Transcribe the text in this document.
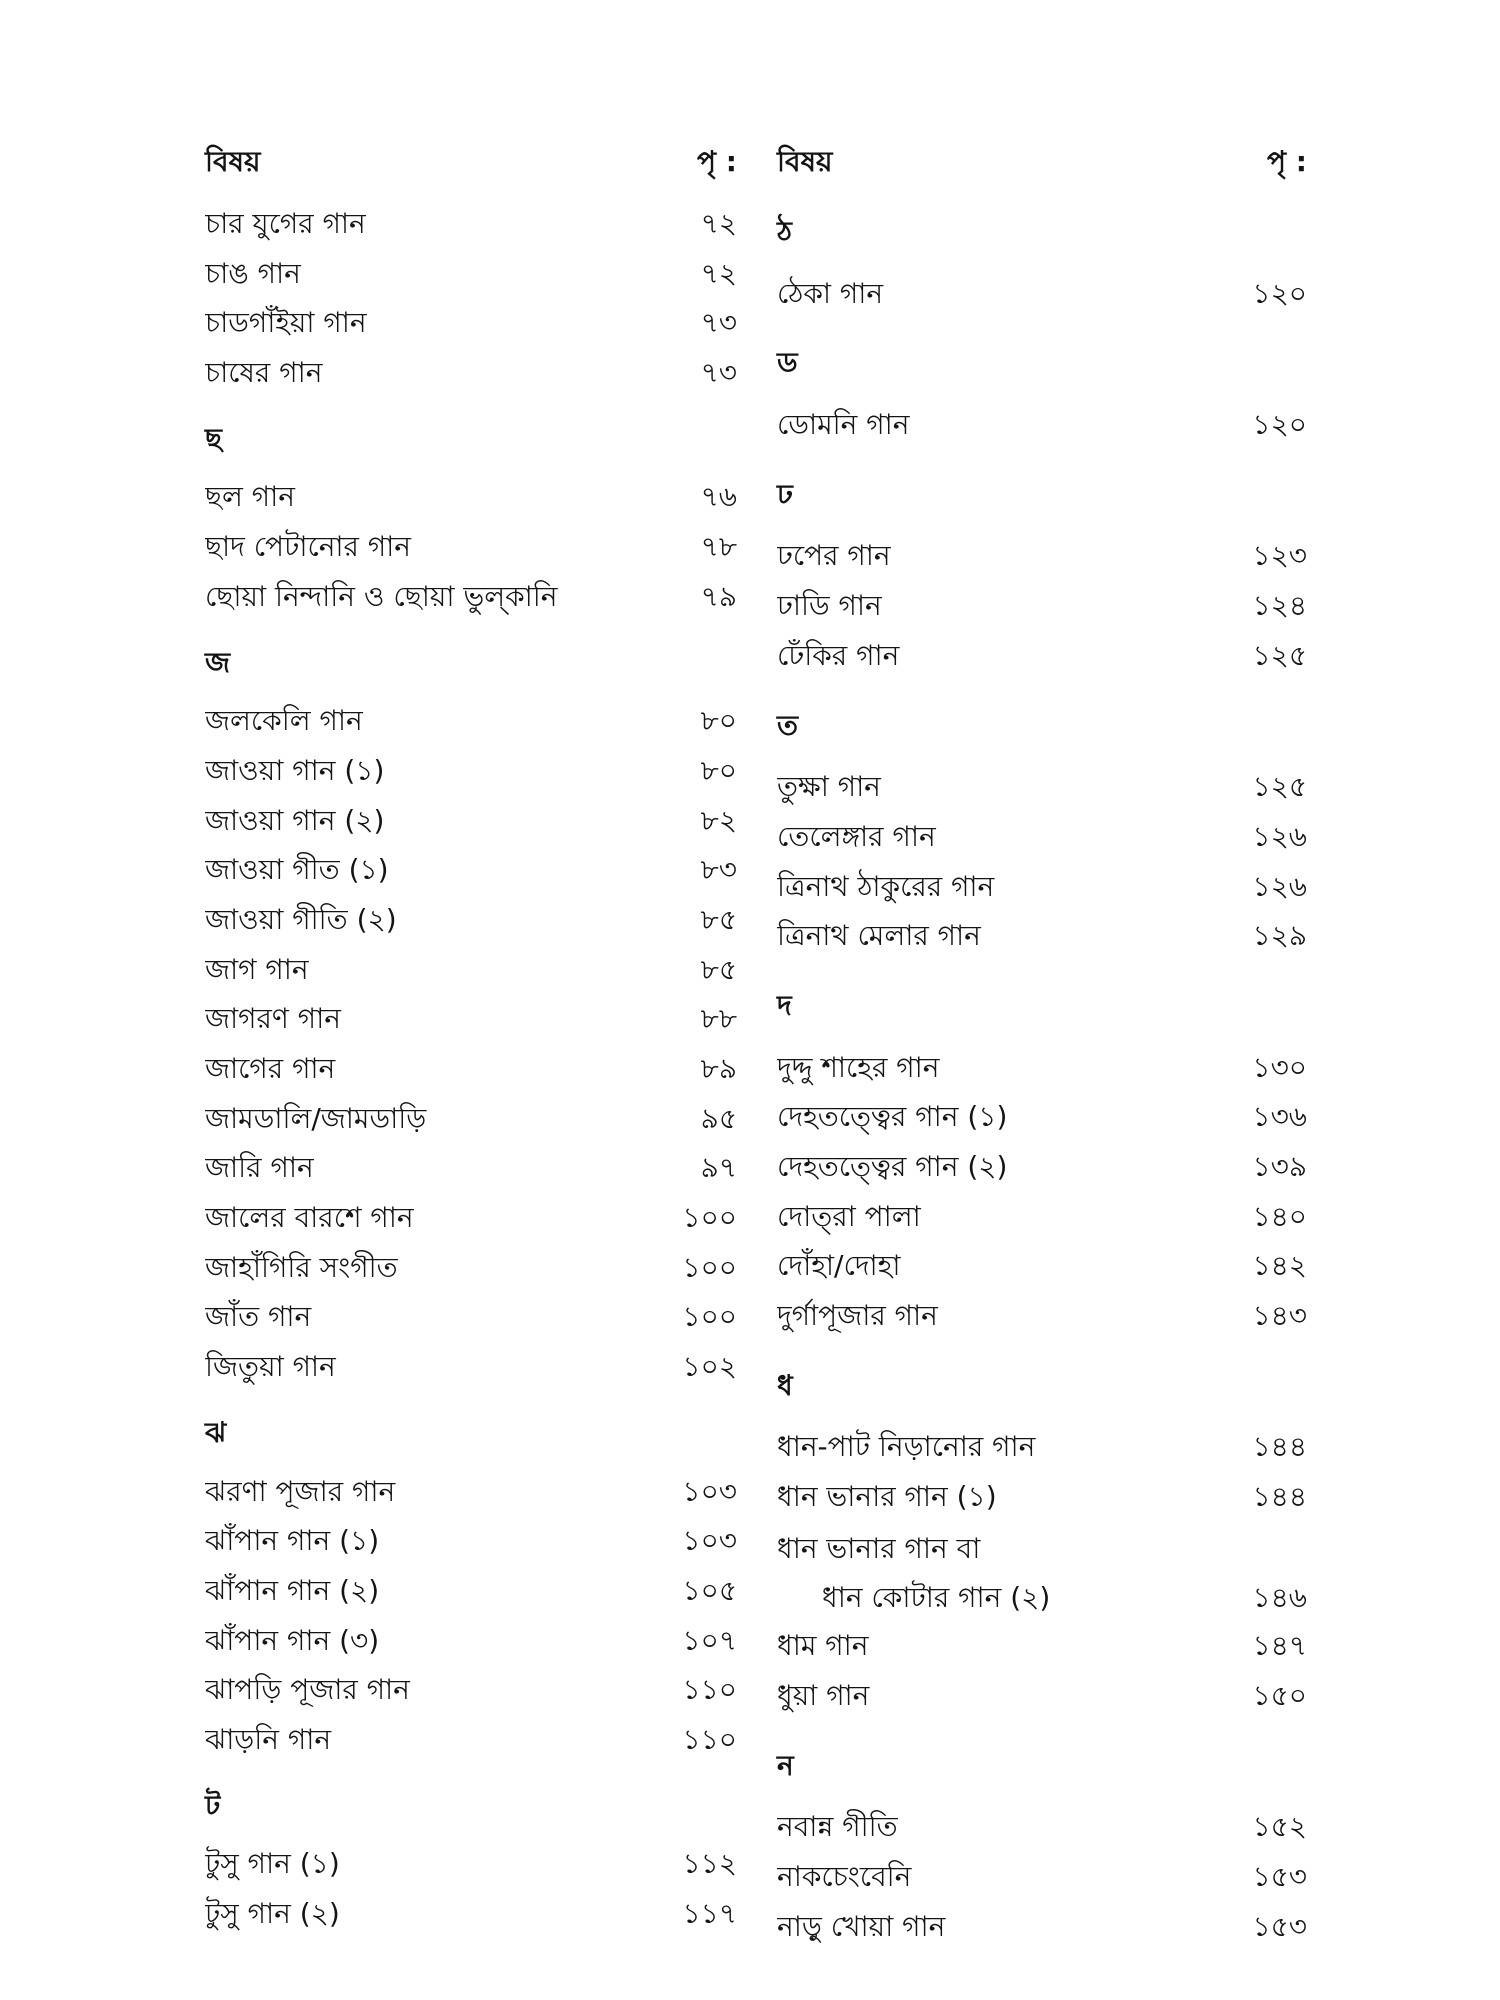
বিষয়	পৃ :
চার যুগের গান	৭২
চাঙ গান	৭২
চাডগাঁইয়া গান	৭৩
চাষের গান	৭৩
ছ
ছল গান	৭৬
ছাদ পেটানোর গান	৭৮
ছোয়া নিন্দানি ও ছোয়া ভুল্‌কানি	৭৯
জ
জলকেলি গান	৮০
জাওয়া গান (১)	৮০
জাওয়া গান (২)	৮২
জাওয়া গীত (১)	৮৩
জাওয়া গীতি (২)	৮৫
জাগ গান	৮৫
জাগরণ গান	৮৮
জাগের গান	৮৯
জামডালি/জামডাড়ি	৯৫
জারি গান	৯৭
জালের বারশে গান	১০০
জাহাঁগিরি সংগীত	১০০
জাঁত গান	১০০
জিতুয়া গান	১০২
ঝ
ঝরণা পূজার গান	১০৩
ঝাঁপান গান (১)	১০৩
ঝাঁপান গান (২)	১০৫
ঝাঁপান গান (৩)	১০৭
ঝাপড়ি পূজার গান	১১০
ঝাড়নি গান	১১০
ট
টুসু গান (১)	১১২
টুসু গান (২)	১১৭
বিষয়	পৃ :
ঠ
ঠেকা গান	১২০
ড
ডোমনি গান	১২০
ঢ
ঢপের গান	১২৩
ঢাডি গান	১২৪
ঢেঁকির গান	১২৫
ত
তুক্ষা গান	১২৫
তেলেঙ্গার গান	১২৬
ত্রিনাথ ঠাকুরের গান	১২৬
ত্রিনাথ মেলার গান	১২৯
দ
দুদ্দু শাহের গান	১৩০
দেহতত্ত্বের গান (১)	১৩৬
দেহতত্ত্বের গান (২)	১৩৯
দোত্‌রা পালা	১৪০
দোঁহা/দোহা	১৪২
দুর্গাপূজার গান	১৪৩
ধ
ধান-পাট নিড়ানোর গান	১৪৪
ধান ভানার গান (১)	১৪৪
ধান ভানার গান বা
ধান কোটার গান (২)	১৪৬
ধাম গান	১৪৭
ধুয়া গান	১৫০
ন
নবান্ন গীতি	১৫২
নাকচেংবেনি	১৫৩
নাড়ু খোয়া গান	১৫৩
